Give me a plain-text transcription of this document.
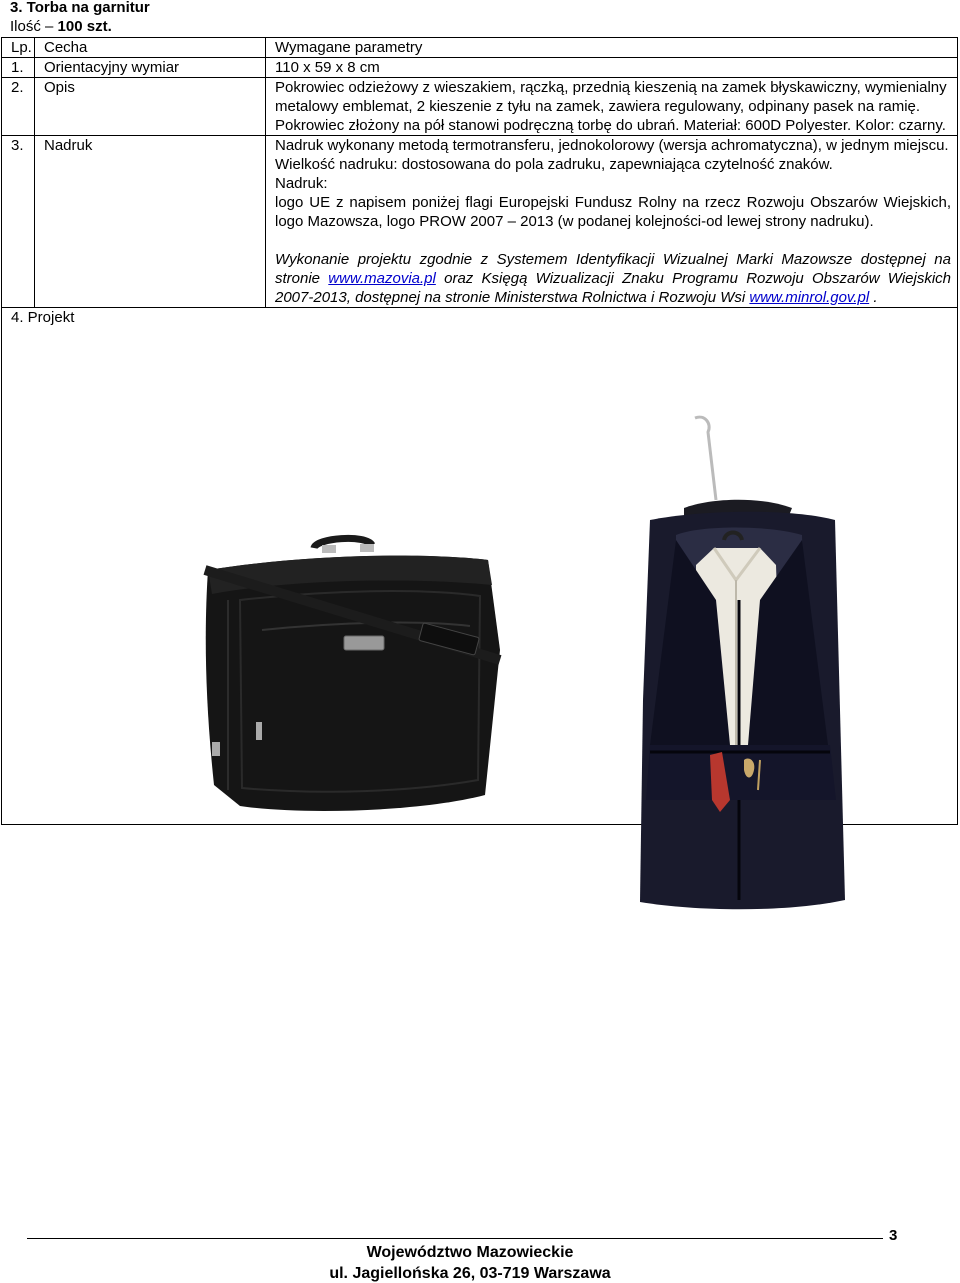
3. Torba na garnitur
Ilość – 100 szt.
Lp.	Cecha	Wymagane parametry
1.	Orientacyjny wymiar	110 x 59 x 8 cm
2.	Opis	Pokrowiec odzieżowy z wieszakiem, rączką, przednią kieszenią na zamek błyskawiczny, wymienialny metalowy emblemat, 2 kieszenie z tyłu na zamek, zawiera regulowany, odpinany pasek na ramię. Pokrowiec złożony na pół stanowi podręczną torbę do ubrań. Materiał: 600D Polyester. Kolor: czarny.
3.	Nadruk	Nadruk wykonany metodą termotransferu, jednokolorowy (wersja achromatyczna), w jednym miejscu.
Wielkość nadruku: dostosowana do pola zadruku, zapewniająca czytelność znaków.
Nadruk:
logo UE z napisem poniżej flagi Europejski Fundusz Rolny na rzecz Rozwoju Obszarów Wiejskich, logo Mazowsza, logo PROW 2007 – 2013 (w podanej kolejności-od lewej strony nadruku).
Wykonanie projektu zgodnie z Systemem Identyfikacji Wizualnej Marki Mazowsze dostępnej na stronie www.mazovia.pl oraz Księgą Wizualizacji Znaku Programu Rozwoju Obszarów Wiejskich 2007-2013, dostępnej na stronie Ministerstwa Rolnictwa i Rozwoju Wsi www.minrol.gov.pl .

4. Projekt		
3
Województwo Mazowieckie
ul. Jagiellońska 26, 03-719 Warszawa
